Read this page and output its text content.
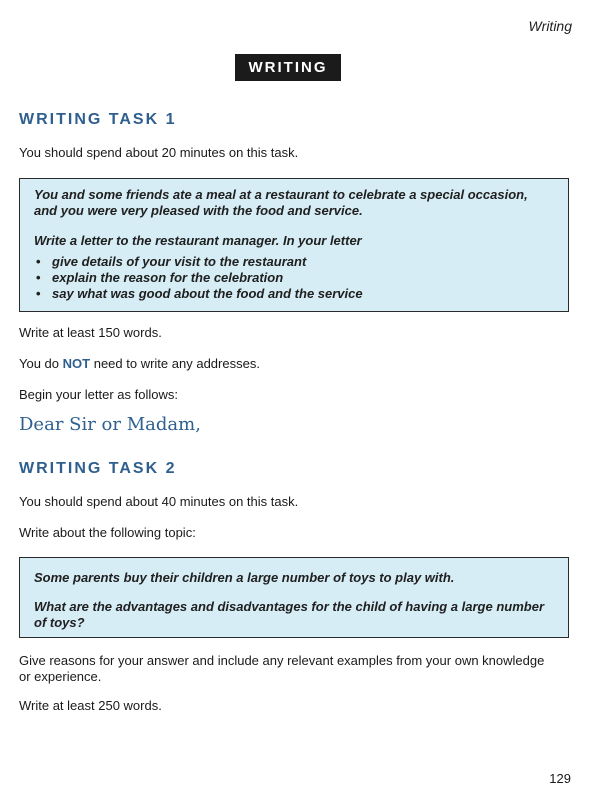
Writing
WRITING
WRITING TASK 1
You should spend about 20 minutes on this task.

You and some friends ate a meal at a restaurant to celebrate a special occasion, and you were very pleased with the food and service.

Write a letter to the restaurant manager. In your letter

• give details of your visit to the restaurant
• explain the reason for the celebration
• say what was good about the food and the service
Write at least 150 words.
You do NOT need to write any addresses.
Begin your letter as follows:
Dear Sir or Madam,
WRITING TASK 2
You should spend about 40 minutes on this task.
Write about the following topic:

Some parents buy their children a large number of toys to play with.

What are the advantages and disadvantages for the child of having a large number of toys?

Give reasons for your answer and include any relevant examples from your own knowledge or experience.
Write at least 250 words.
129
